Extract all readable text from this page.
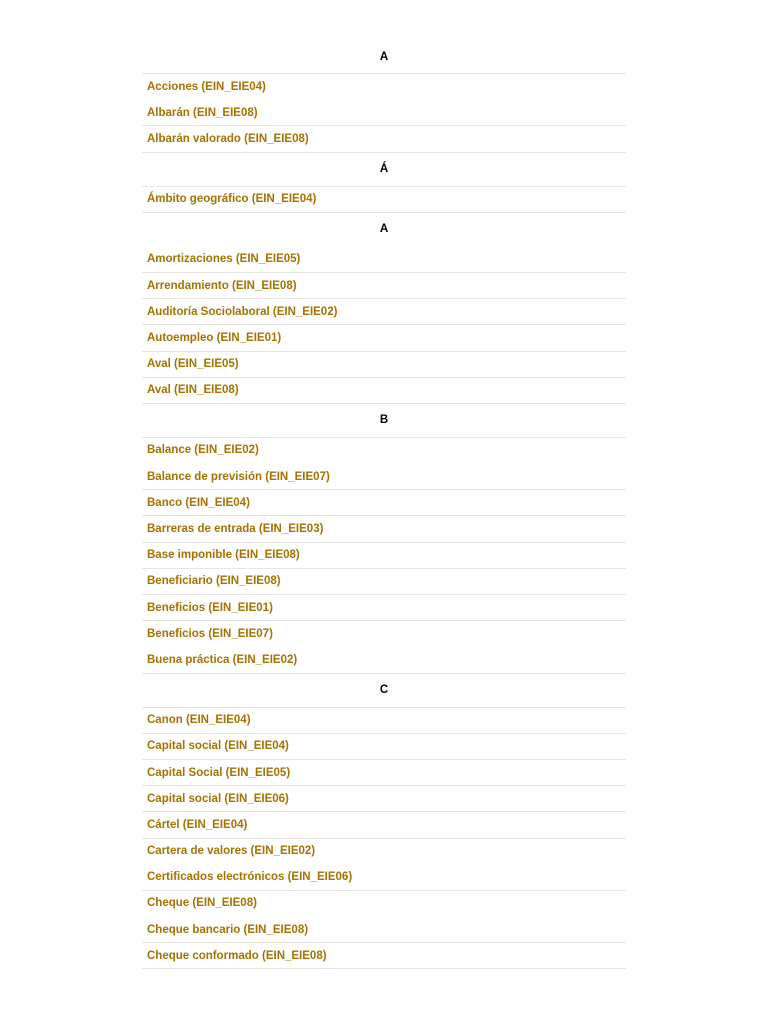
A
Acciones (EIN_EIE04)
Albarán (EIN_EIE08)
Albarán valorado (EIN_EIE08)
Á
Ámbito geográfico (EIN_EIE04)
A
Amortizaciones (EIN_EIE05)
Arrendamiento (EIN_EIE08)
Auditoría Sociolaboral (EIN_EIE02)
Autoempleo (EIN_EIE01)
Aval (EIN_EIE05)
Aval (EIN_EIE08)
B
Balance (EIN_EIE02)
Balance de previsión (EIN_EIE07)
Banco (EIN_EIE04)
Barreras de entrada (EIN_EIE03)
Base imponible (EIN_EIE08)
Beneficiario (EIN_EIE08)
Beneficios (EIN_EIE01)
Beneficios (EIN_EIE07)
Buena práctica (EIN_EIE02)
C
Canon (EIN_EIE04)
Capital social (EIN_EIE04)
Capital Social (EIN_EIE05)
Capital social (EIN_EIE06)
Cártel (EIN_EIE04)
Cartera de valores (EIN_EIE02)
Certificados electrónicos (EIN_EIE06)
Cheque (EIN_EIE08)
Cheque bancario (EIN_EIE08)
Cheque conformado (EIN_EIE08)
